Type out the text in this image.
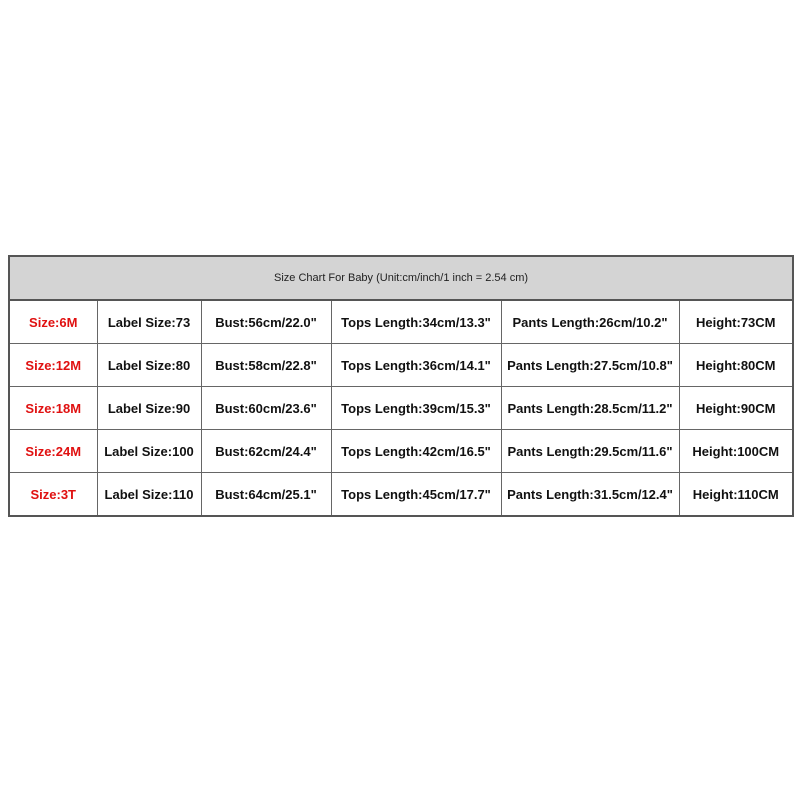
Size Chart For Baby (Unit:cm/inch/1 inch = 2.54 cm)					
Size:6M	Label Size:73	Bust:56cm/22.0"	Tops Length:34cm/13.3"	Pants Length:26cm/10.2"	Height:73CM
Size:12M	Label Size:80	Bust:58cm/22.8"	Tops Length:36cm/14.1"	Pants Length:27.5cm/10.8"	Height:80CM
Size:18M	Label Size:90	Bust:60cm/23.6"	Tops Length:39cm/15.3"	Pants Length:28.5cm/11.2"	Height:90CM
Size:24M	Label Size:100	Bust:62cm/24.4"	Tops Length:42cm/16.5"	Pants Length:29.5cm/11.6"	Height:100CM
Size:3T	Label Size:110	Bust:64cm/25.1"	Tops Length:45cm/17.7"	Pants Length:31.5cm/12.4"	Height:110CM
